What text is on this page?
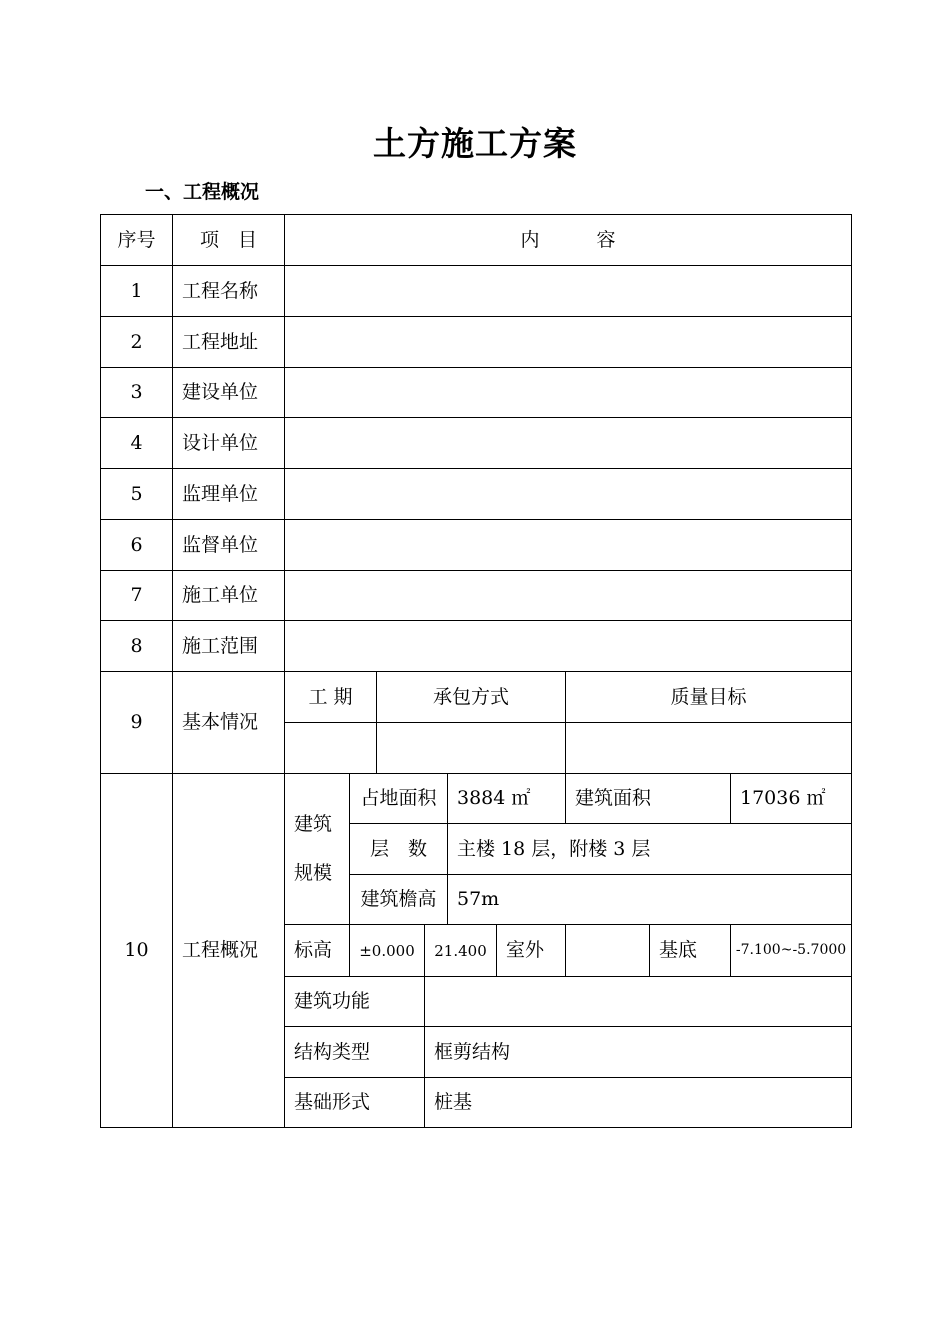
土方施工方案
一、工程概况
序号	项　目	内　　　容								
1	工程名称									
2	工程地址									
3	建设单位									
4	设计单位									
5	监理单位									
6	监督单位									
7	施工单位									
8	施工范围									
9	基本情况	工 期		承包方式				质量目标		

10	工程概况	建筑规模	占地面积			3884 ㎡		建筑面积		17036 ㎡
			层　数			主楼 18 层，附楼 3 层				
			建筑檐高			57m				
		标高	±0.000		21.400		室外		基底	-7.100~-5.7000
		建筑功能								
		结构类型			框剪结构					
		基础形式			桩基					
